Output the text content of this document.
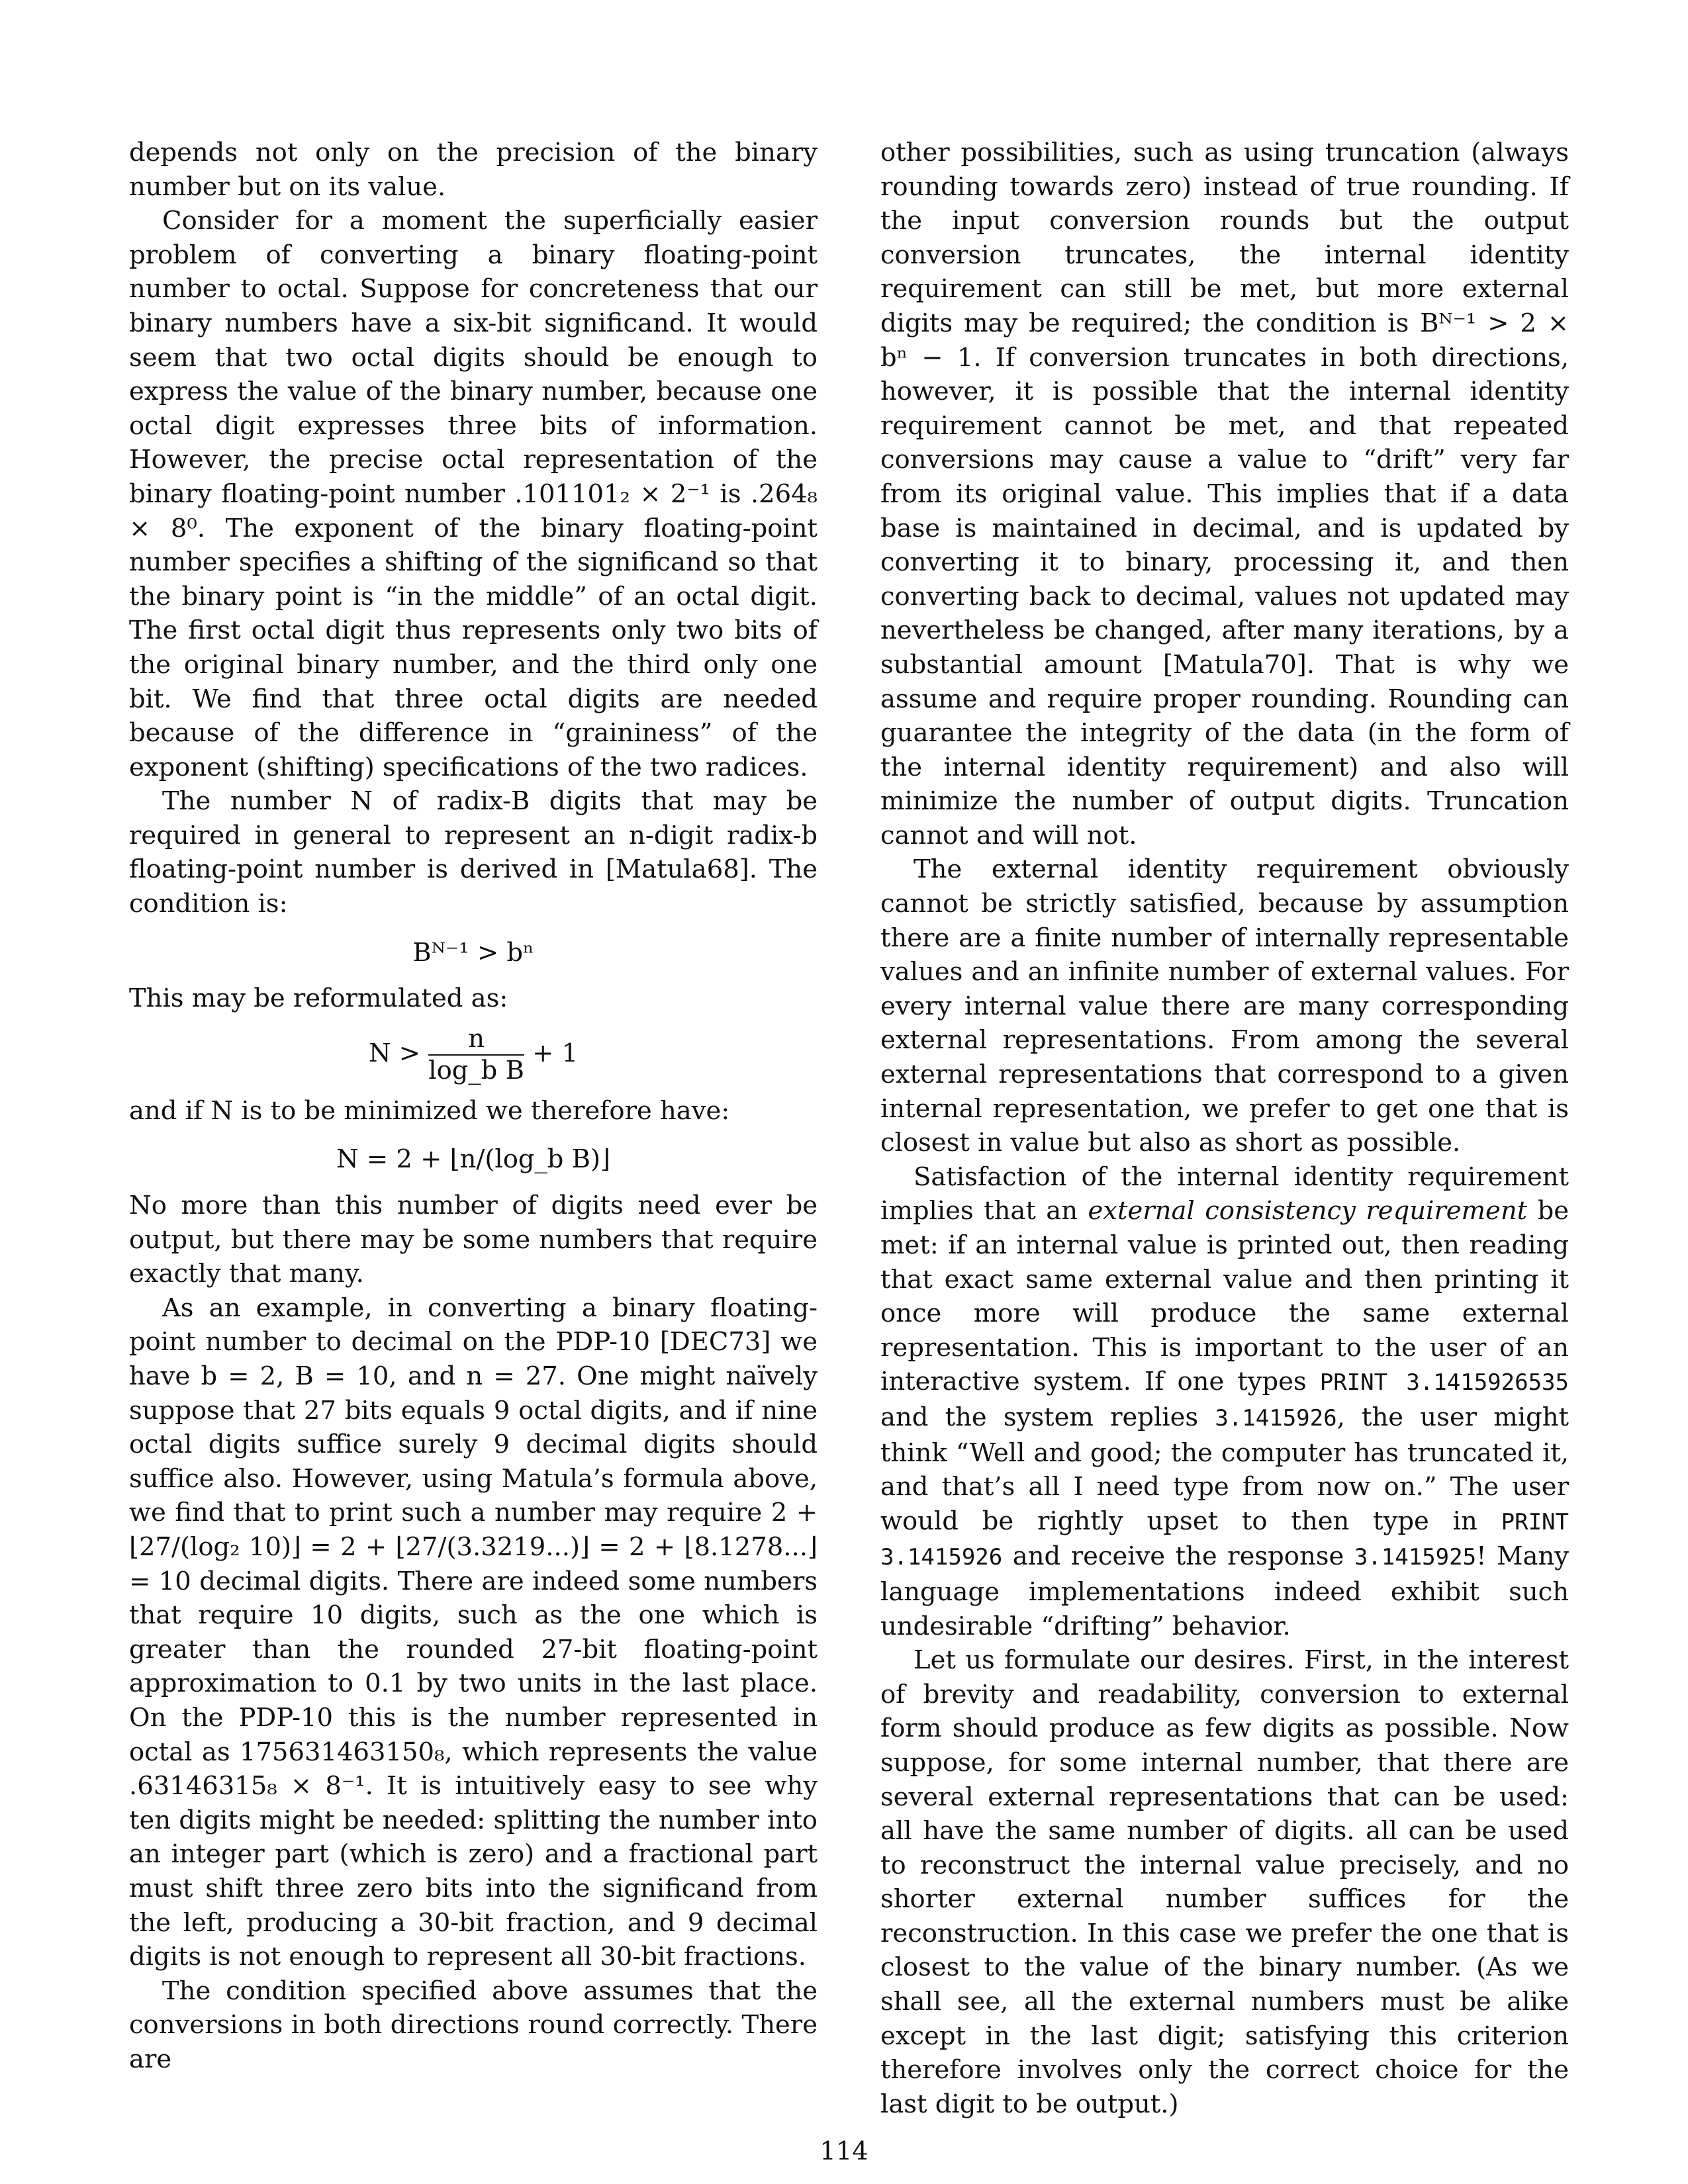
depends not only on the precision of the binary number but on its value.

Consider for a moment the superficially easier problem of converting a binary floating-point number to octal. Suppose for concreteness that our binary numbers have a six-bit significand. It would seem that two octal digits should be enough to express the value of the binary number, because one octal digit expresses three bits of information. However, the precise octal representation of the binary floating-point number .101101₂ × 2⁻¹ is .264₈ × 8⁰. The exponent of the binary floating-point number specifies a shifting of the significand so that the binary point is “in the middle” of an octal digit. The first octal digit thus represents only two bits of the original binary number, and the third only one bit. We find that three octal digits are needed because of the difference in “graininess” of the exponent (shifting) specifications of the two radices.

The number N of radix-B digits that may be required in general to represent an n-digit radix-b floating-point number is derived in [Matula68]. The condition is:

Bᴺ⁻¹ > bⁿ

This may be reformulated as:

$N > \frac{n}{\text{log\_b B}} + 1$

and if N is to be minimized we therefore have:

N = 2 + ⌊n/(log_b B)⌋

No more than this number of digits need ever be output, but there may be some numbers that require exactly that many.

As an example, in converting a binary floating-point number to decimal on the PDP-10 [DEC73] we have b = 2, B = 10, and n = 27. One might naïvely suppose that 27 bits equals 9 octal digits, and if nine octal digits suffice surely 9 decimal digits should suffice also. However, using Matula’s formula above, we find that to print such a number may require 2 + ⌊27/(log₂ 10)⌋ = 2 + ⌊27/(3.3219...)⌋ = 2 + ⌊8.1278...⌋ = 10 decimal digits. There are indeed some numbers that require 10 digits, such as the one which is greater than the rounded 27-bit floating-point approximation to 0.1 by two units in the last place. On the PDP-10 this is the number represented in octal as 175631463150₈, which represents the value .63146315₈ × 8⁻¹. It is intuitively easy to see why ten digits might be needed: splitting the number into an integer part (which is zero) and a fractional part must shift three zero bits into the significand from the left, producing a 30-bit fraction, and 9 decimal digits is not enough to represent all 30-bit fractions.

The condition specified above assumes that the conversions in both directions round correctly. There are

other possibilities, such as using truncation (always rounding towards zero) instead of true rounding. If the input conversion rounds but the output conversion truncates, the internal identity requirement can still be met, but more external digits may be required; the condition is Bᴺ⁻¹ > 2 × bⁿ − 1. If conversion truncates in both directions, however, it is possible that the internal identity requirement cannot be met, and that repeated conversions may cause a value to “drift” very far from its original value. This implies that if a data base is maintained in decimal, and is updated by converting it to binary, processing it, and then converting back to decimal, values not updated may nevertheless be changed, after many iterations, by a substantial amount [Matula70]. That is why we assume and require proper rounding. Rounding can guarantee the integrity of the data (in the form of the internal identity requirement) and also will minimize the number of output digits. Truncation cannot and will not.

The external identity requirement obviously cannot be strictly satisfied, because by assumption there are a finite number of internally representable values and an infinite number of external values. For every internal value there are many corresponding external representations. From among the several external representations that correspond to a given internal representation, we prefer to get one that is closest in value but also as short as possible.

Satisfaction of the internal identity requirement implies that an external consistency requirement be met: if an internal value is printed out, then reading that exact same external value and then printing it once more will produce the same external representation. This is important to the user of an interactive system. If one types PRINT 3.1415926535 and the system replies 3.1415926, the user might think “Well and good; the computer has truncated it, and that’s all I need type from now on.” The user would be rightly upset to then type in PRINT 3.1415926 and receive the response 3.1415925! Many language implementations indeed exhibit such undesirable “drifting” behavior.

Let us formulate our desires. First, in the interest of brevity and readability, conversion to external form should produce as few digits as possible. Now suppose, for some internal number, that there are several external representations that can be used: all have the same number of digits. all can be used to reconstruct the internal value precisely, and no shorter external number suffices for the reconstruction. In this case we prefer the one that is closest to the value of the binary number. (As we shall see, all the external numbers must be alike except in the last digit; satisfying this criterion therefore involves only the correct choice for the last digit to be output.)

114
